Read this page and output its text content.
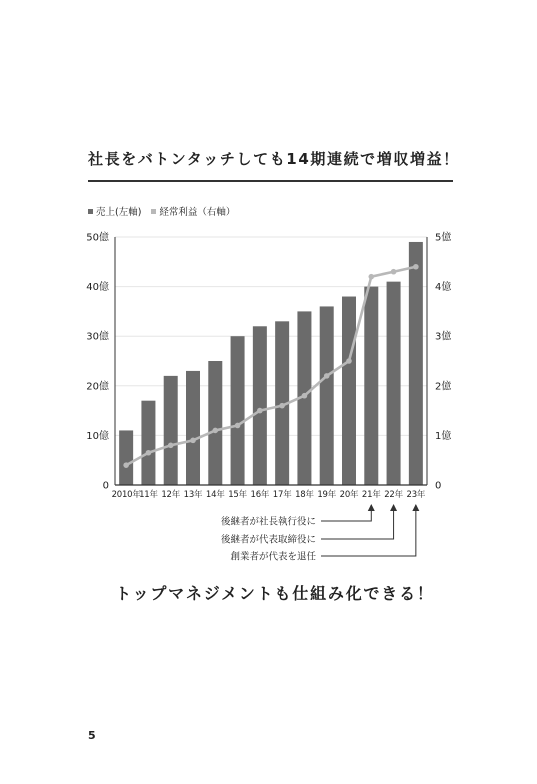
社長をバトンタッチしても14期連続で増収増益！
売上(左軸) 経常利益（右軸）
0
10億
20億
30億
40億
50億
0
1億
2億
3億
4億
5億
2010年
11年 12年 13年 14年 15年 16年 17年 18年 19年 20年 21年 22年 23年
後継者が社長執行役に
後継者が代表取締役に
創業者が代表を退任
トップマネジメントも仕組み化できる！
5
